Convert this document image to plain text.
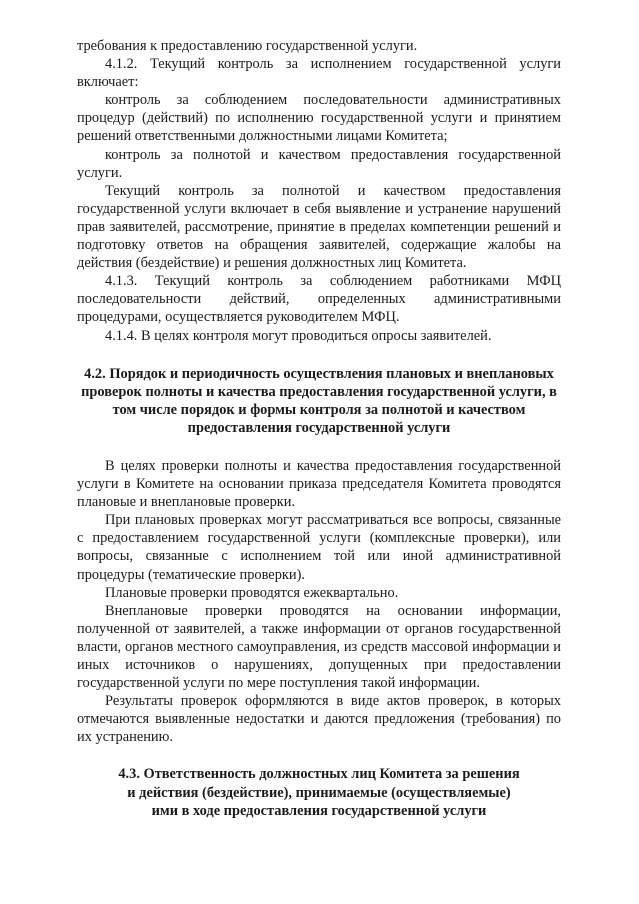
требования к предоставлению государственной услуги.

4.1.2. Текущий контроль за исполнением государственной услуги включает:

контроль за соблюдением последовательности административных процедур (действий) по исполнению государственной услуги и принятием решений ответственными должностными лицами Комитета;

контроль за полнотой и качеством предоставления государственной услуги.

Текущий контроль за полнотой и качеством предоставления государственной услуги включает в себя выявление и устранение нарушений прав заявителей, рассмотрение, принятие в пределах компетенции решений и подготовку ответов на обращения заявителей, содержащие жалобы на действия (бездействие) и решения должностных лиц Комитета.

4.1.3. Текущий контроль за соблюдением работниками МФЦ последовательности действий, определенных административными процедурами, осуществляется руководителем МФЦ.

4.1.4. В целях контроля могут проводиться опросы заявителей.

4.2. Порядок и периодичность осуществления плановых и внеплановых проверок полноты и качества предоставления государственной услуги, в том числе порядок и формы контроля за полнотой и качеством предоставления государственной услуги

В целях проверки полноты и качества предоставления государственной услуги в Комитете на основании приказа председателя Комитета проводятся плановые и внеплановые проверки.

При плановых проверках могут рассматриваться все вопросы, связанные с предоставлением государственной услуги (комплексные проверки), или вопросы, связанные с исполнением той или иной административной процедуры (тематические проверки).

Плановые проверки проводятся ежеквартально.

Внеплановые проверки проводятся на основании информации, полученной от заявителей, а также информации от органов государственной власти, органов местного самоуправления, из средств массовой информации и иных источников о нарушениях, допущенных при предоставлении государственной услуги по мере поступления такой информации.

Результаты проверок оформляются в виде актов проверок, в которых отмечаются выявленные недостатки и даются предложения (требования) по их устранению.

4.3. Ответственность должностных лиц Комитета за решения

и действия (бездействие), принимаемые (осуществляемые)

ими в ходе предоставления государственной услуги
